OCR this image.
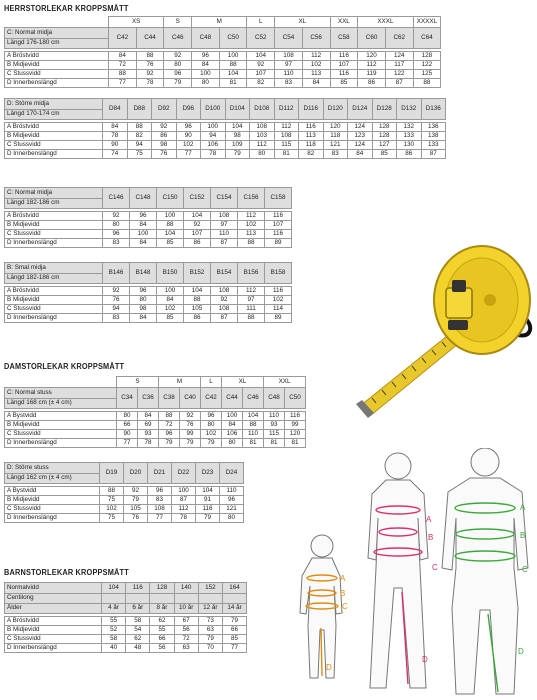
HERRSTORLEKAR KROPPSMÅTT
DAMSTORLEKAR KROPPSMÅTT
BARNSTORLEKAR KROPPSMÅTT
	XS		S	M		L	XL		XXL	XXXL		XXXXL
C: Normal midja	C42	C44	C46	C48	C50	C52	C54	C56	C58	C60	C62	C64
Längd 176-180 cm												

A Bröstvidd	84	88	92	96	100	104	108	112	116	120	124	128
B Midjevidd	72	76	80	84	88	92	97	102	107	112	117	122
C Stussvidd	88	92	96	100	104	107	110	113	116	119	122	125
D Innerbenslängd	77	78	79	80	81	82	83	84	85	86	87	88
D: Större midja	D84	D88	D92	D96	D100	D104	D108	D112	D116	D120	D124	D128	D132	D136
Längd 170-174 cm														

A Bröstvidd	84	88	92	96	100	104	108	112	116	120	124	128	132	136
B Midjevidd	78	82	86	90	94	98	103	108	113	118	123	128	133	138
C Stussvidd	90	94	98	102	106	109	112	115	118	121	124	127	130	133
D Innerbenslängd	74	75	76	77	78	79	80	81	82	83	84	85	86	87
C: Normal midja	C146	C148	C150	C152	C154	C156	C158
Längd 182-186 cm							

A Bröstvidd	92	96	100	104	108	112	116
B Midjevidd	80	84	88	92	97	102	107
C Stussvidd	96	100	104	107	110	113	116
D Innerbenslängd	83	84	85	86	87	88	89
B: Smal midja	B146	B148	B150	B152	B154	B156	B158
Längd 182-186 cm							

A Bröstvidd	92	96	100	104	108	112	116
B Midjevidd	76	80	84	88	92	97	102
C Stussvidd	94	98	102	105	108	111	114
D Innerbenslängd	83	84	85	86	87	88	89
	S		M		L	XL		XXL	
C: Normal stuss	C34	C36	C38	C40	C42	C44	C46	C48	C50
Längd 168 cm (± 4 cm)									

A Bystvidd	80	84	88	92	96	100	104	110	116
B Midjevidd	66	69	72	76	80	84	88	93	99
C Stussvidd	90	93	96	99	102	106	110	115	120
D Innerbenslängd	77	78	79	79	79	80	81	81	81
D: Större stuss	D19	D20	D21	D22	D23	D24
Längd 162 cm (± 4 cm)						

A Bystvidd	88	92	96	100	104	110
B Midjevidd	75	79	83	87	91	96
C Stussvidd	102	105	108	112	116	121
D Innerbenslängd	75	76	77	78	79	80
Normalvidd	104	116	128	140	152	164
Centilong						
Ålder	4 år	6 år	8 år	10 år	12 år	14 år

A Bröstvidd	55	58	62	67	73	79
B Midjevidd	52	54	55	56	63	66
C Stussvidd	58	62	66	72	79	85
D Innerbenslängd	40	48	56	63	70	77
A
B
C
D
A
B
C
D
A
B
C
D
